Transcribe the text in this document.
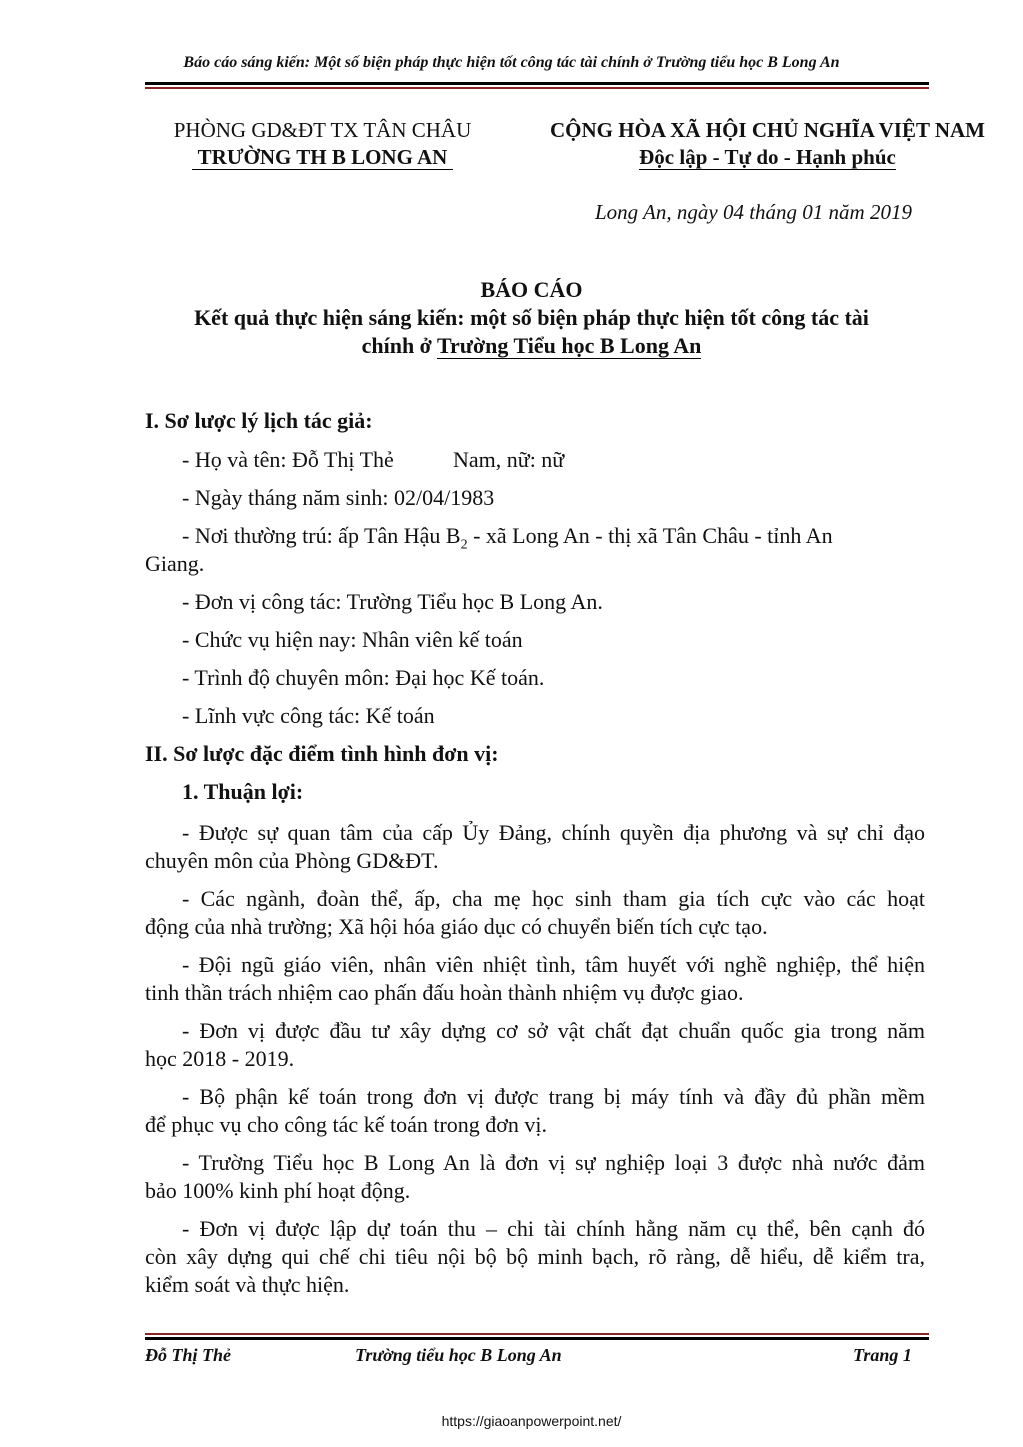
Báo cáo sáng kiến: Một số biện pháp thực hiện tốt công tác tài chính ở Trường tiểu học B Long An
PHÒNG GD&ĐT TX TÂN CHÂU
TRƯỜNG TH B LONG AN
CỘNG HÒA XÃ HỘI CHỦ NGHĨA VIỆT NAM
Độc lập - Tự do - Hạnh phúc
Long An, ngày 04 tháng 01 năm 2019
BÁO CÁO
Kết quả thực hiện sáng kiến: một số biện pháp thực hiện tốt công tác tài
chính ở Trường Tiểu học B Long An
I. Sơ lược lý lịch tác giả:
- Họ và tên: Đỗ Thị Thẻ	Nam, nữ: nữ
- Ngày tháng năm sinh: 02/04/1983
- Nơi thường trú: ấp Tân Hậu $B_2$ - xã Long An - thị xã Tân Châu - tỉnh An
Giang.
- Đơn vị công tác: Trường Tiểu học B Long An.
- Chức vụ hiện nay: Nhân viên kế toán
- Trình độ chuyên môn: Đại học Kế toán.
- Lĩnh vực công tác: Kế toán
II. Sơ lược đặc điểm tình hình đơn vị:
1. Thuận lợi:
- Được sự quan tâm của cấp Ủy Đảng, chính quyền địa phương và sự chỉ đạo
chuyên môn của Phòng GD&ĐT.
- Các ngành, đoàn thể, ấp, cha mẹ học sinh tham gia tích cực vào các hoạt
động của nhà trường; Xã hội hóa giáo dục có chuyển biến tích cực tạo.
- Đội ngũ giáo viên, nhân viên nhiệt tình, tâm huyết với nghề nghiệp, thể hiện
tinh thần trách nhiệm cao phấn đấu hoàn thành nhiệm vụ được giao.
- Đơn vị được đầu tư xây dựng cơ sở vật chất đạt chuẩn quốc gia trong năm
học 2018 - 2019.
- Bộ phận kế toán trong đơn vị được trang bị máy tính và đầy đủ phần mềm
để phục vụ cho công tác kế toán trong đơn vị.
- Trường Tiểu học B Long An là đơn vị sự nghiệp loại 3 được nhà nước đảm
bảo 100% kinh phí hoạt động.
- Đơn vị được lập dự toán thu – chi tài chính hằng năm cụ thể, bên cạnh đó
còn xây dựng qui chế chi tiêu nội bộ bộ minh bạch, rõ ràng, dễ hiểu, dễ kiểm tra,
kiểm soát và thực hiện.
Đỗ Thị Thẻ	Trường tiểu học B Long An	Trang 1
https://giaoanpowerpoint.net/
